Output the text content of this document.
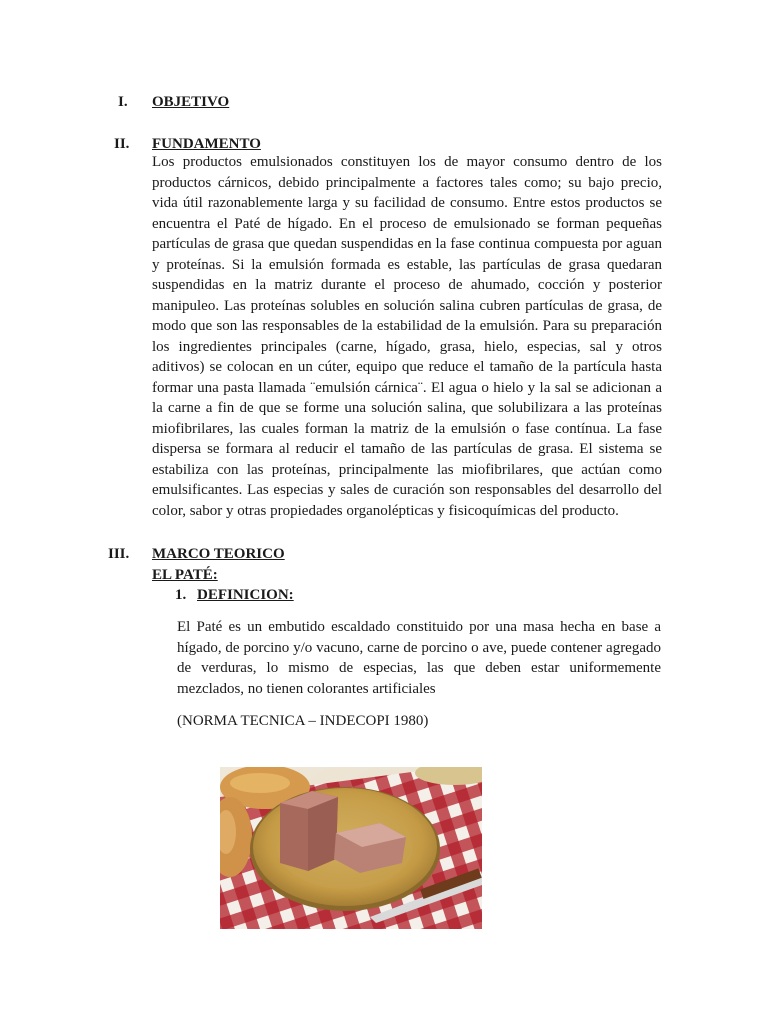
I. OBJETIVO
II. FUNDAMENTO

Los productos emulsionados constituyen los de mayor consumo dentro de los productos cárnicos, debido principalmente a factores tales como; su bajo precio, vida útil razonablemente larga y su facilidad de consumo. Entre estos productos se encuentra el Paté de hígado. En el proceso de emulsionado se forman pequeñas partículas de grasa que quedan suspendidas en la fase continua compuesta por aguan y proteínas. Si la emulsión formada es estable, las partículas de grasa quedaran suspendidas en la matriz durante el proceso de ahumado, cocción y posterior manipuleo. Las proteínas solubles en solución salina cubren partículas de grasa, de modo que son las responsables de la estabilidad de la emulsión. Para su preparación los ingredientes principales (carne, hígado, grasa, hielo, especias, sal y otros aditivos) se colocan en un cúter, equipo que reduce el tamaño de la partícula hasta formar una pasta llamada ¨emulsión cárnica¨. El agua o hielo y la sal se adicionan a la carne a fin de que se forme una solución salina, que solubilizara a las proteínas miofibrilares, las cuales forman la matriz de la emulsión o fase contínua. La fase dispersa se formara al reducir el tamaño de las partículas de grasa. El sistema se estabiliza con las proteínas, principalmente las miofibrilares, que actúan como emulsificantes. Las especias y sales de curación son responsables del desarrollo del color, sabor y otras propiedades organolépticas y fisicoquímicas del producto.

III. MARCO TEORICO
EL PATÉ:
1. DEFINICION:

El Paté es un embutido escaldado constituido por una masa hecha en base a hígado, de porcino y/o vacuno, carne de porcino o ave, puede contener agregado de verduras, lo mismo de especias, las que deben estar uniformemente mezclados, no tienen colorantes artificiales

(NORMA TECNICA – INDECOPI 1980)
